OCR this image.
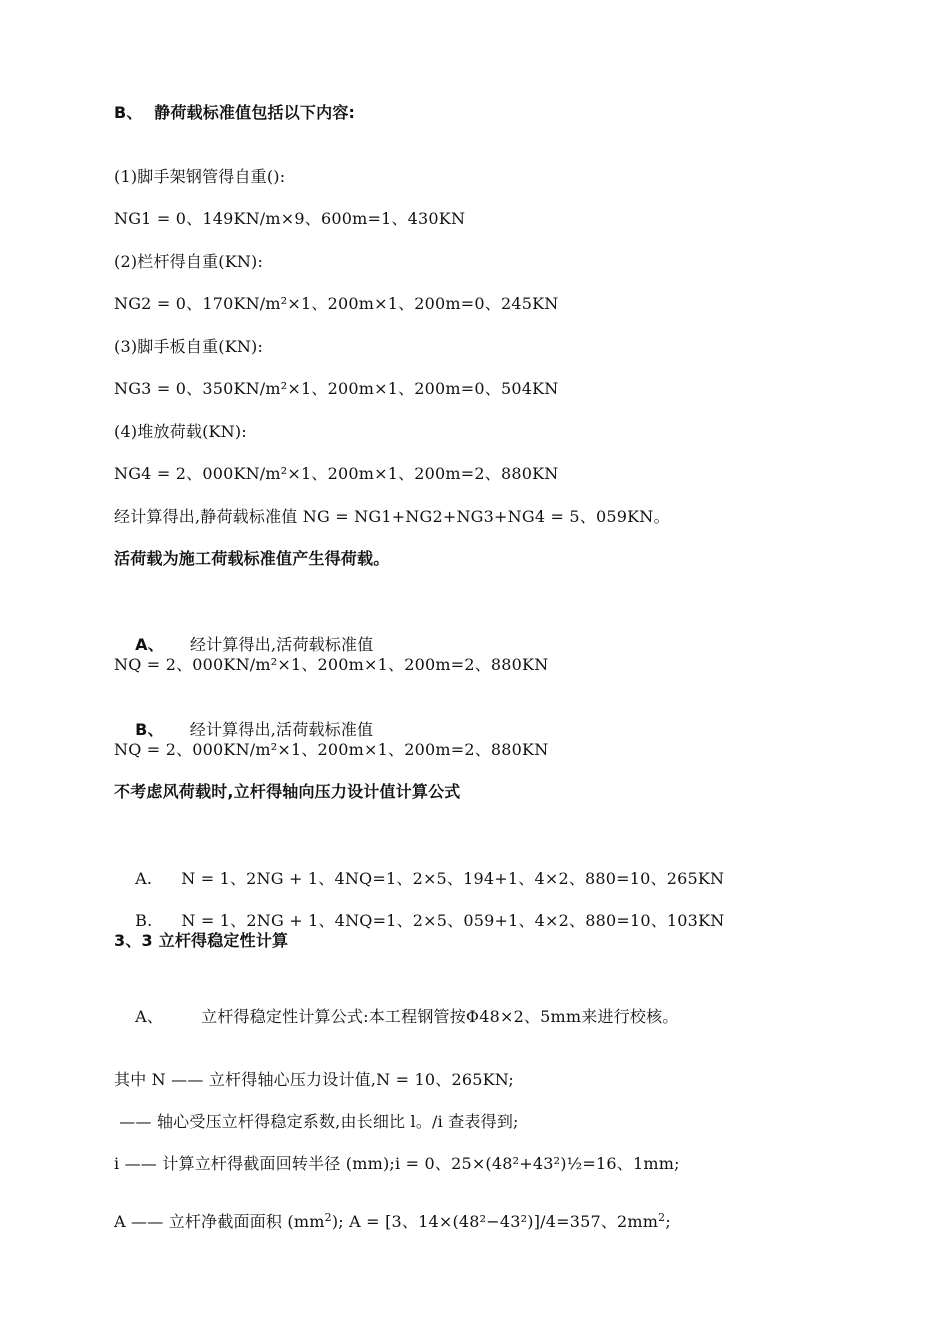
B、  静荷载标准值包括以下内容:
(1)脚手架钢管得自重():
NG1 = 0、149KN/m×9、600m=1、430KN
(2)栏杆得自重(KN):
NG2 = 0、170KN/m²×1、200m×1、200m=0、245KN
(3)脚手板自重(KN):
NG3 = 0、350KN/m²×1、200m×1、200m=0、504KN
(4)堆放荷载(KN):
NG4 = 2、000KN/m²×1、200m×1、200m=2、880KN
经计算得出,静荷载标准值 NG = NG1+NG2+NG3+NG4 = 5、059KN。
活荷载为施工荷载标准值产生得荷载。

A、 经计算得出,活荷载标准值

NQ = 2、000KN/m²×1、200m×1、200m=2、880KN

B、 经计算得出,活荷载标准值

NQ = 2、000KN/m²×1、200m×1、200m=2、880KN
不考虑风荷载时,立杆得轴向压力设计值计算公式

A. N = 1、2NG + 1、4NQ=1、2×5、194+1、4×2、880=10、265KN

B. N = 1、2NG + 1、4NQ=1、2×5、059+1、4×2、880=10、103KN

3、3 立杆得稳定性计算

A、 立杆得稳定性计算公式:本工程钢管按Φ48×2、5mm来进行校核。

其中 N —— 立杆得轴心压力设计值,N = 10、265KN;
—— 轴心受压立杆得稳定系数,由长细比 l。/i 查表得到;
i —— 计算立杆得截面回转半径 (mm);i = 0、25×(48²+43²)½=16、1mm;
A —— 立杆净截面面积 $(mm^2)$; A = [3、14×(48²−43²)]/4=357、$2mm^2$;
